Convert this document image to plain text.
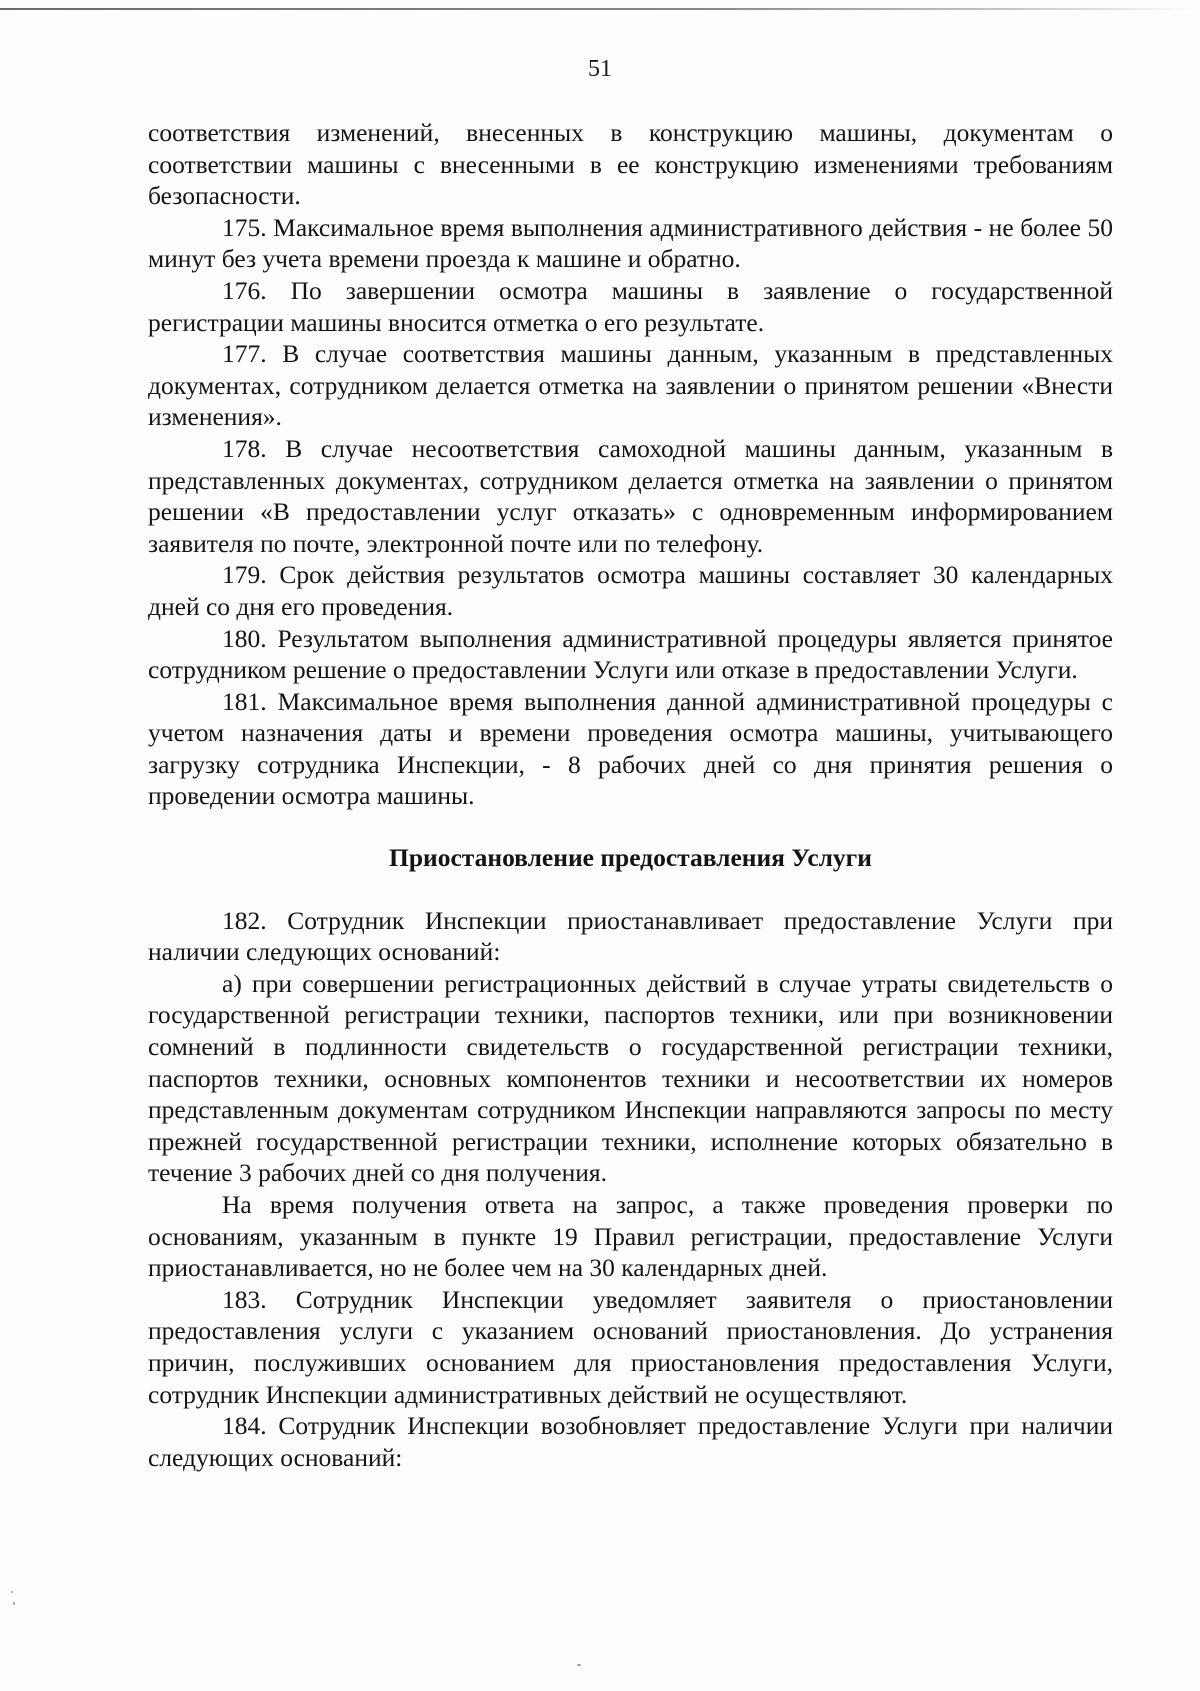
51

соответствия изменений, внесенных в конструкцию машины, документам о соответствии машины с внесенными в ее конструкцию изменениями требованиям безопасности.

175. Максимальное время выполнения административного действия - не более 50 минут без учета времени проезда к машине и обратно.

176. По завершении осмотра машины в заявление о государственной регистрации машины вносится отметка о его результате.

177. В случае соответствия машины данным, указанным в представленных документах, сотрудником делается отметка на заявлении о принятом решении «Внести изменения».

178. В случае несоответствия самоходной машины данным, указанным в представленных документах, сотрудником делается отметка на заявлении о принятом решении «В предоставлении услуг отказать» с одновременным информированием заявителя по почте, электронной почте или по телефону.

179. Срок действия результатов осмотра машины составляет 30 календарных дней со дня его проведения.

180. Результатом выполнения административной процедуры является принятое сотрудником решение о предоставлении Услуги или отказе в предоставлении Услуги.

181. Максимальное время выполнения данной административной процедуры с учетом назначения даты и времени проведения осмотра машины, учитывающего загрузку сотрудника Инспекции, - 8 рабочих дней со дня принятия решения о проведении осмотра машины.

Приостановление предоставления Услуги

182. Сотрудник Инспекции приостанавливает предоставление Услуги при наличии следующих оснований:

а) при совершении регистрационных действий в случае утраты свидетельств о государственной регистрации техники, паспортов техники, или при возникновении сомнений в подлинности свидетельств о государственной регистрации техники, паспортов техники, основных компонентов техники и несоответствии их номеров представленным документам сотрудником Инспекции направляются запросы по месту прежней государственной регистрации техники, исполнение которых обязательно в течение 3 рабочих дней со дня получения.

На время получения ответа на запрос, а также проведения проверки по основаниям, указанным в пункте 19 Правил регистрации, предоставление Услуги приостанавливается, но не более чем на 30 календарных дней.

183. Сотрудник Инспекции уведомляет заявителя о приостановлении предоставления услуги с указанием оснований приостановления. До устранения причин, послуживших основанием для приостановления предоставления Услуги, сотрудник Инспекции административных действий не осуществляют.

184. Сотрудник Инспекции возобновляет предоставление Услуги при наличии следующих оснований:
